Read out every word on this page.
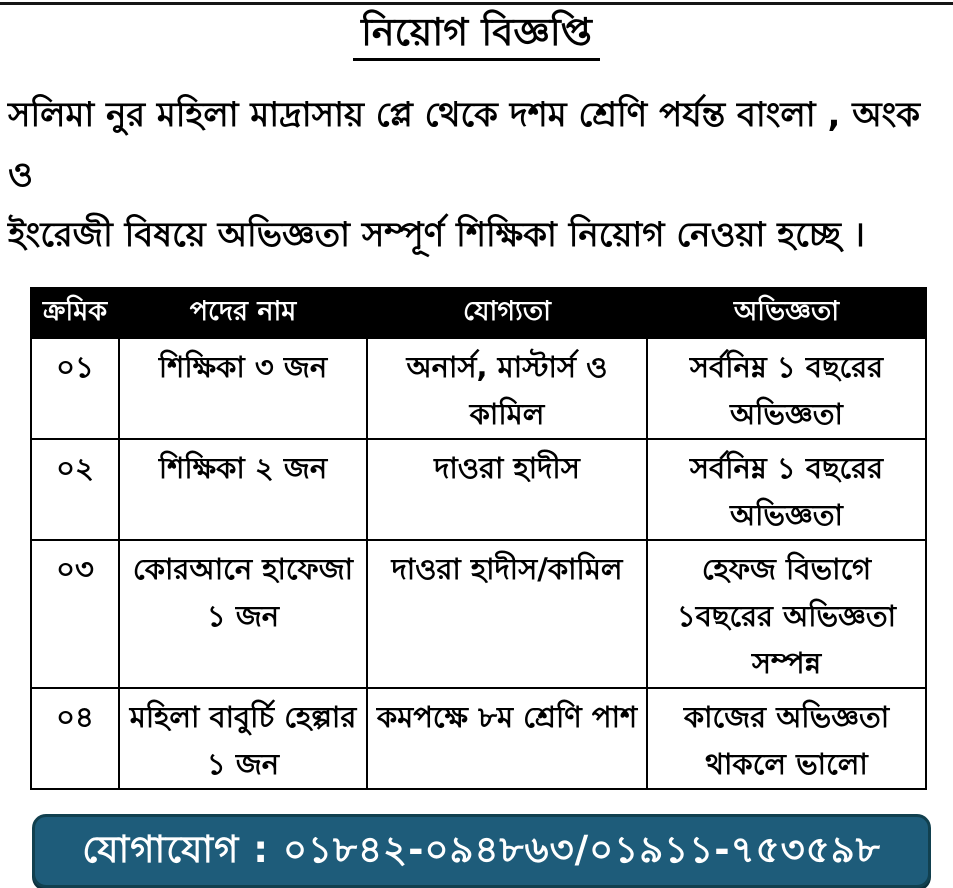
নিয়োগ বিজ্ঞপ্তি
সলিমা নুর মহিলা মাদ্রাসায় প্লে থেকে দশম শ্রেণি পর্যন্ত বাংলা , অংক ও
ইংরেজী বিষয়ে অভিজ্ঞতা সম্পূর্ণ শিক্ষিকা নিয়োগ নেওয়া হচ্ছে ।
ক্রমিক	পদের নাম	যোগ্যতা	অভিজ্ঞতা
০১	শিক্ষিকা ৩ জন	অনার্স, মাস্টার্স ও কামিল	সর্বনিম্ন ১ বছরের অভিজ্ঞতা
০২	শিক্ষিকা ২ জন	দাওরা হাদীস	সর্বনিম্ন ১ বছরের অভিজ্ঞতা
০৩	কোরআনে হাফেজা ১ জন	দাওরা হাদীস/কামিল	হেফজ বিভাগে ১বছরের অভিজ্ঞতা সম্পন্ন
০৪	মহিলা বাবুর্চি হেল্পার ১ জন	কমপক্ষে ৮ম শ্রেণি পাশ	কাজের অভিজ্ঞতা থাকলে ভালো
যোগাযোগ : ০১৮৪২-০৯৪৮৬৩/০১৯১১-৭৫৩৫৯৮
